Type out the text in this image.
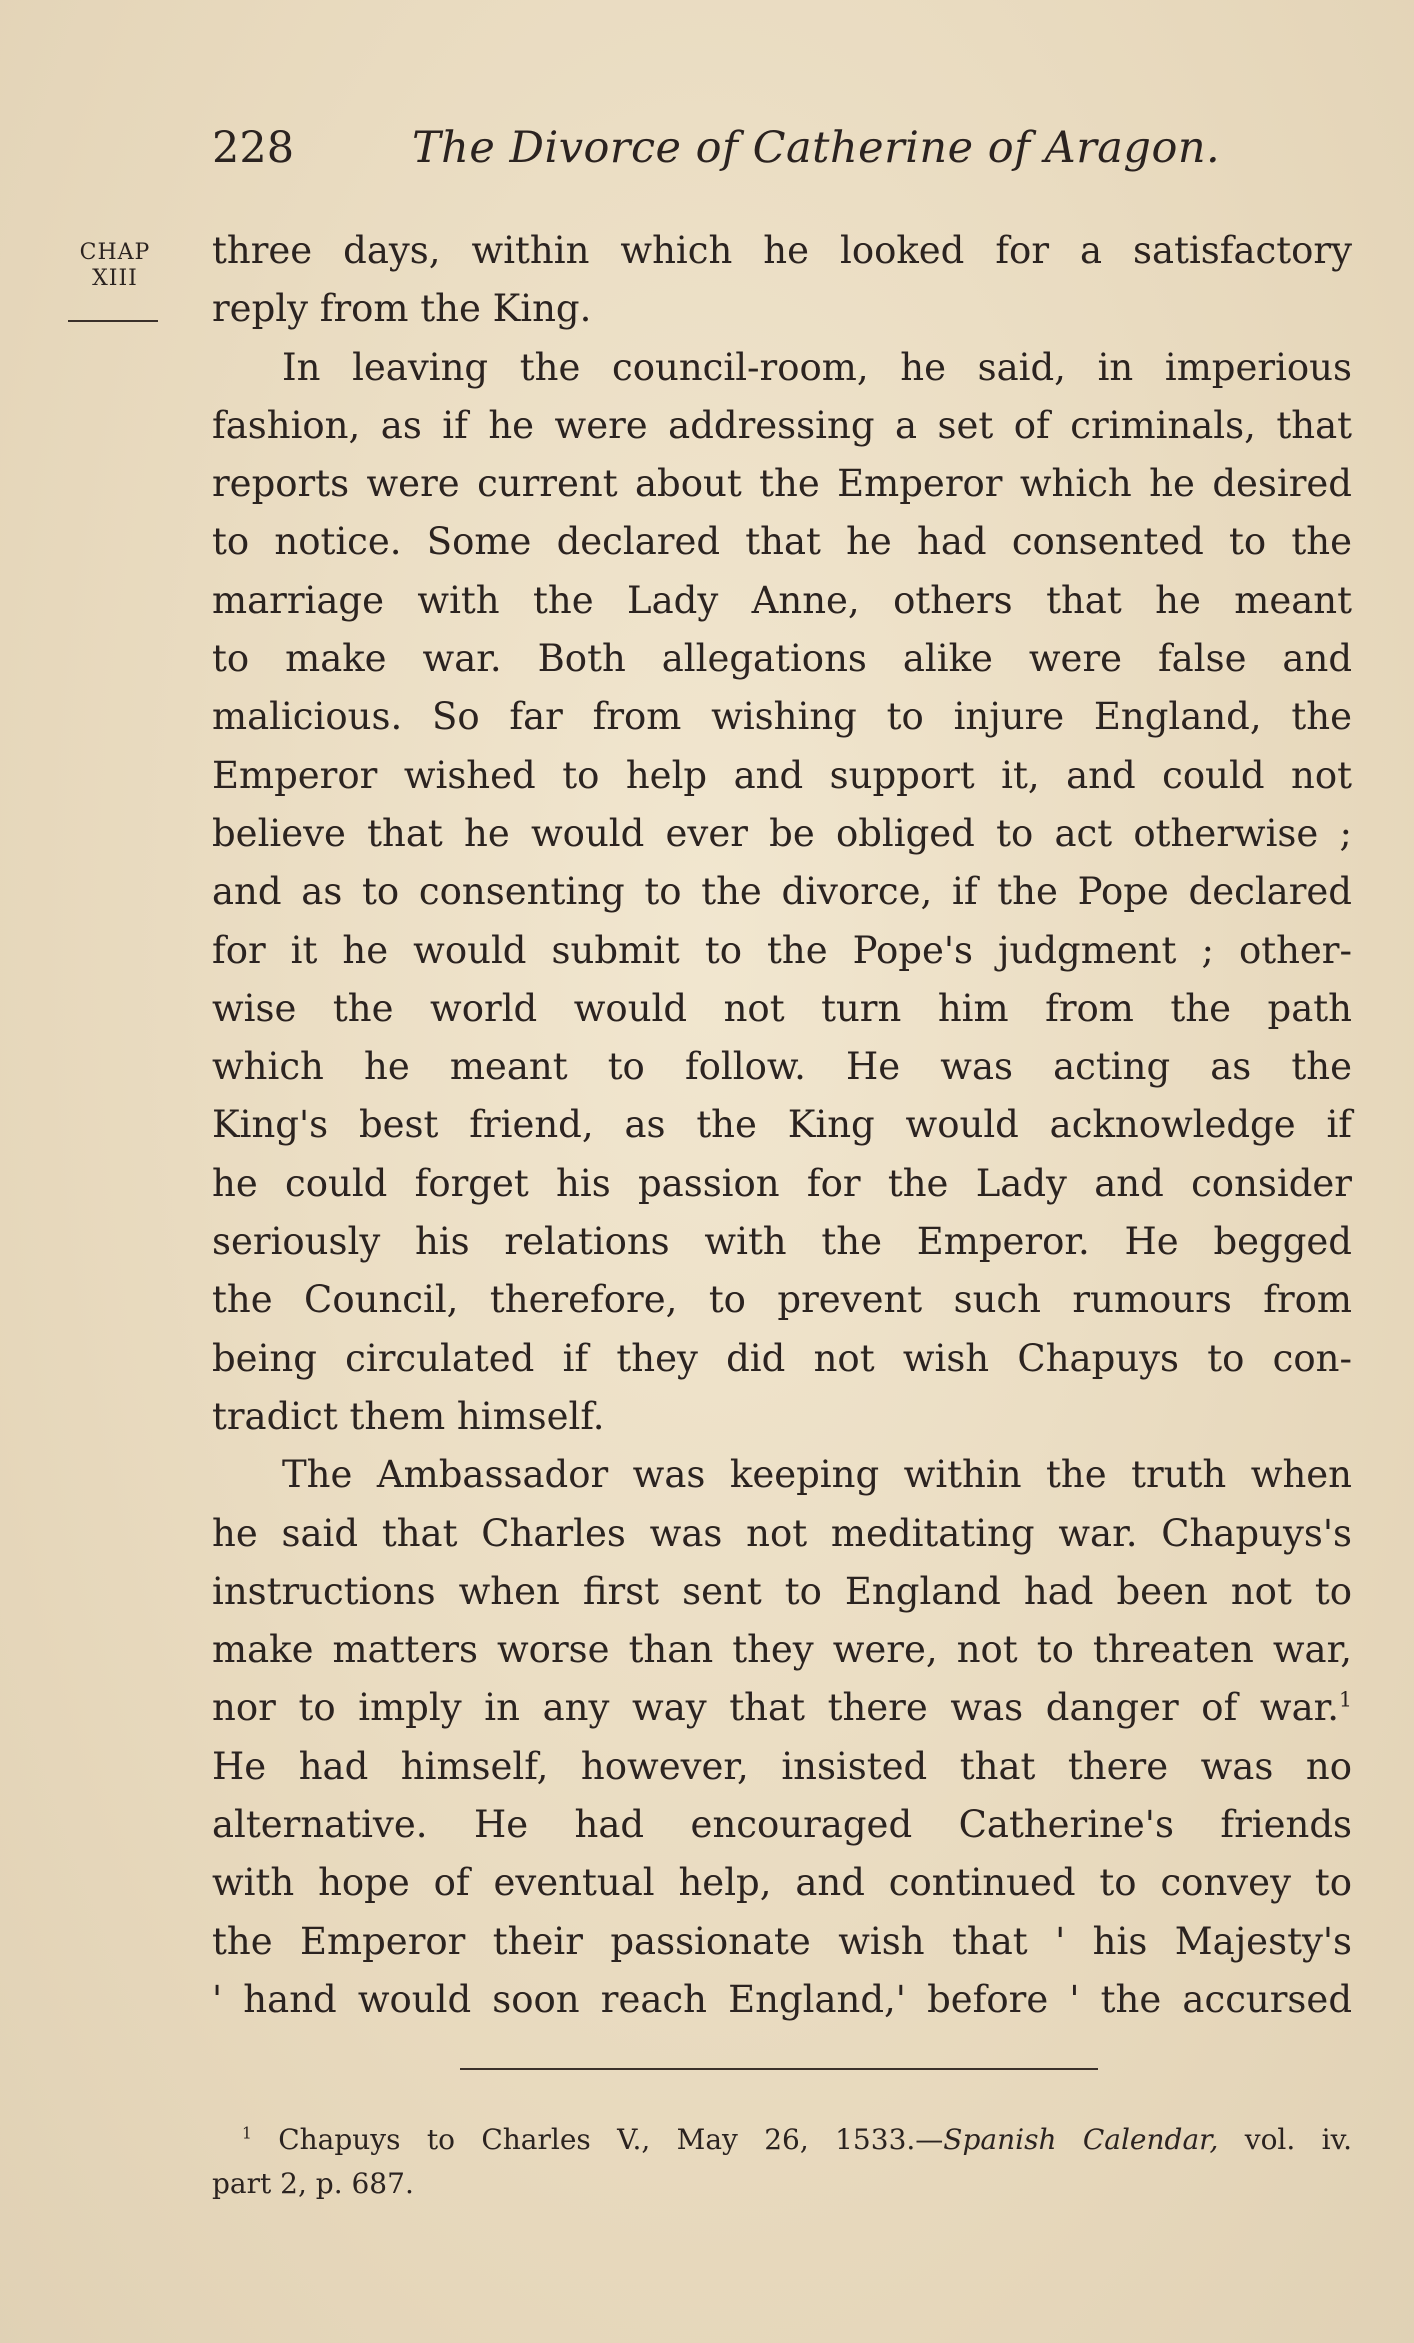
228	The Divorce of Catherine of Aragon.
CHAP
XIII
three days, within which he looked for a satisfactory
reply from the King.
In leaving the council-room, he said, in imperious
fashion, as if he were addressing a set of criminals, that
reports were current about the Emperor which he desired
to notice. Some declared that he had consented to the
marriage with the Lady Anne, others that he meant
to make war. Both allegations alike were false and
malicious. So far from wishing to injure England, the
Emperor wished to help and support it, and could not
believe that he would ever be obliged to act otherwise ;
and as to consenting to the divorce, if the Pope declared
for it he would submit to the Pope's judgment ; other-
wise the world would not turn him from the path
which he meant to follow. He was acting as the
King's best friend, as the King would acknowledge if
he could forget his passion for the Lady and consider
seriously his relations with the Emperor. He begged
the Council, therefore, to prevent such rumours from
being circulated if they did not wish Chapuys to con-
tradict them himself.
The Ambassador was keeping within the truth when
he said that Charles was not meditating war. Chapuys's
instructions when first sent to England had been not to
make matters worse than they were, not to threaten war,
nor to imply in any way that there was danger of war.$^1$
He had himself, however, insisted that there was no
alternative. He had encouraged Catherine's friends
with hope of eventual help, and continued to convey to
the Emperor their passionate wish that ' his Majesty's
' hand would soon reach England,' before ' the accursed
$^1$ Chapuys to Charles V., May 26, 1533.—Spanish Calendar, vol. iv.
part 2, p. 687.
